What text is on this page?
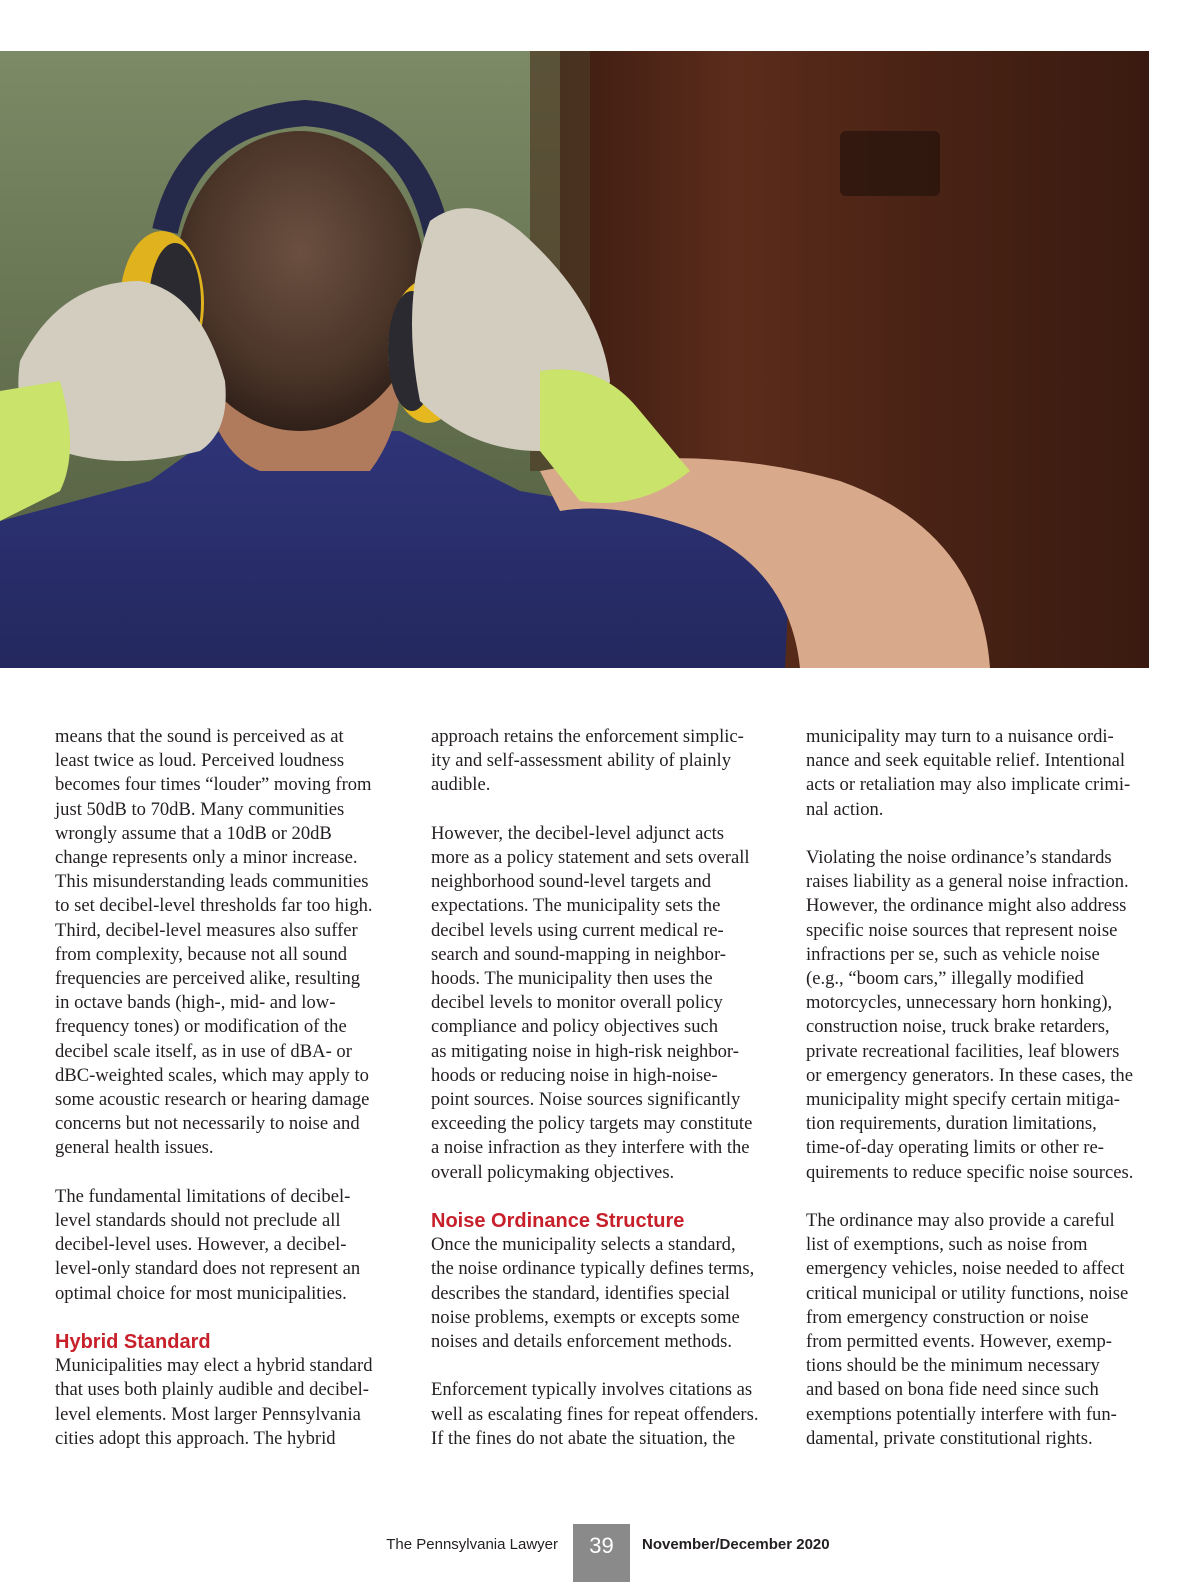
means that the sound is perceived as at
least twice as loud. Perceived loudness
becomes four times “louder” moving from
just 50dB to 70dB. Many communities
wrongly assume that a 10dB or 20dB
change represents only a minor increase.
This misunderstanding leads communities
to set decibel-level thresholds far too high.
Third, decibel-level measures also suffer
from complexity, because not all sound
frequencies are perceived alike, resulting
in octave bands (high-, mid- and low-
frequency tones) or modification of the
decibel scale itself, as in use of dBA- or
dBC-weighted scales, which may apply to
some acoustic research or hearing damage
concerns but not necessarily to noise and
general health issues.

The fundamental limitations of decibel-
level standards should not preclude all
decibel-level uses. However, a decibel-
level-only standard does not represent an
optimal choice for most municipalities.

Hybrid Standard

Municipalities may elect a hybrid standard
that uses both plainly audible and decibel-
level elements. Most larger Pennsylvania
cities adopt this approach. The hybrid

approach retains the enforcement simplic-
ity and self-assessment ability of plainly
audible.

However, the decibel-level adjunct acts
more as a policy statement and sets overall
neighborhood sound-level targets and
expectations. The municipality sets the
decibel levels using current medical re-
search and sound-mapping in neighbor-
hoods. The municipality then uses the
decibel levels to monitor overall policy
compliance and policy objectives such
as mitigating noise in high-risk neighbor-
hoods or reducing noise in high-noise-
point sources. Noise sources significantly
exceeding the policy targets may constitute
a noise infraction as they interfere with the
overall policymaking objectives.

Noise Ordinance Structure

Once the municipality selects a standard,
the noise ordinance typically defines terms,
describes the standard, identifies special
noise problems, exempts or excepts some
noises and details enforcement methods.

Enforcement typically involves citations as
well as escalating fines for repeat offenders.
If the fines do not abate the situation, the

municipality may turn to a nuisance ordi-
nance and seek equitable relief. Intentional
acts or retaliation may also implicate crimi-
nal action.

Violating the noise ordinance’s standards
raises liability as a general noise infraction.
However, the ordinance might also address
specific noise sources that represent noise
infractions per se, such as vehicle noise
(e.g., “boom cars,” illegally modified
motorcycles, unnecessary horn honking),
construction noise, truck brake retarders,
private recreational facilities, leaf blowers
or emergency generators. In these cases, the
municipality might specify certain mitiga-
tion requirements, duration limitations,
time-of-day operating limits or other re-
quirements to reduce specific noise sources.

The ordinance may also provide a careful
list of exemptions, such as noise from
emergency vehicles, noise needed to affect
critical municipal or utility functions, noise
from emergency construction or noise
from permitted events. However, exemp-
tions should be the minimum necessary
and based on bona fide need since such
exemptions potentially interfere with fun-
damental, private constitutional rights.

The Pennsylvania Lawyer	39	November/December 2020
